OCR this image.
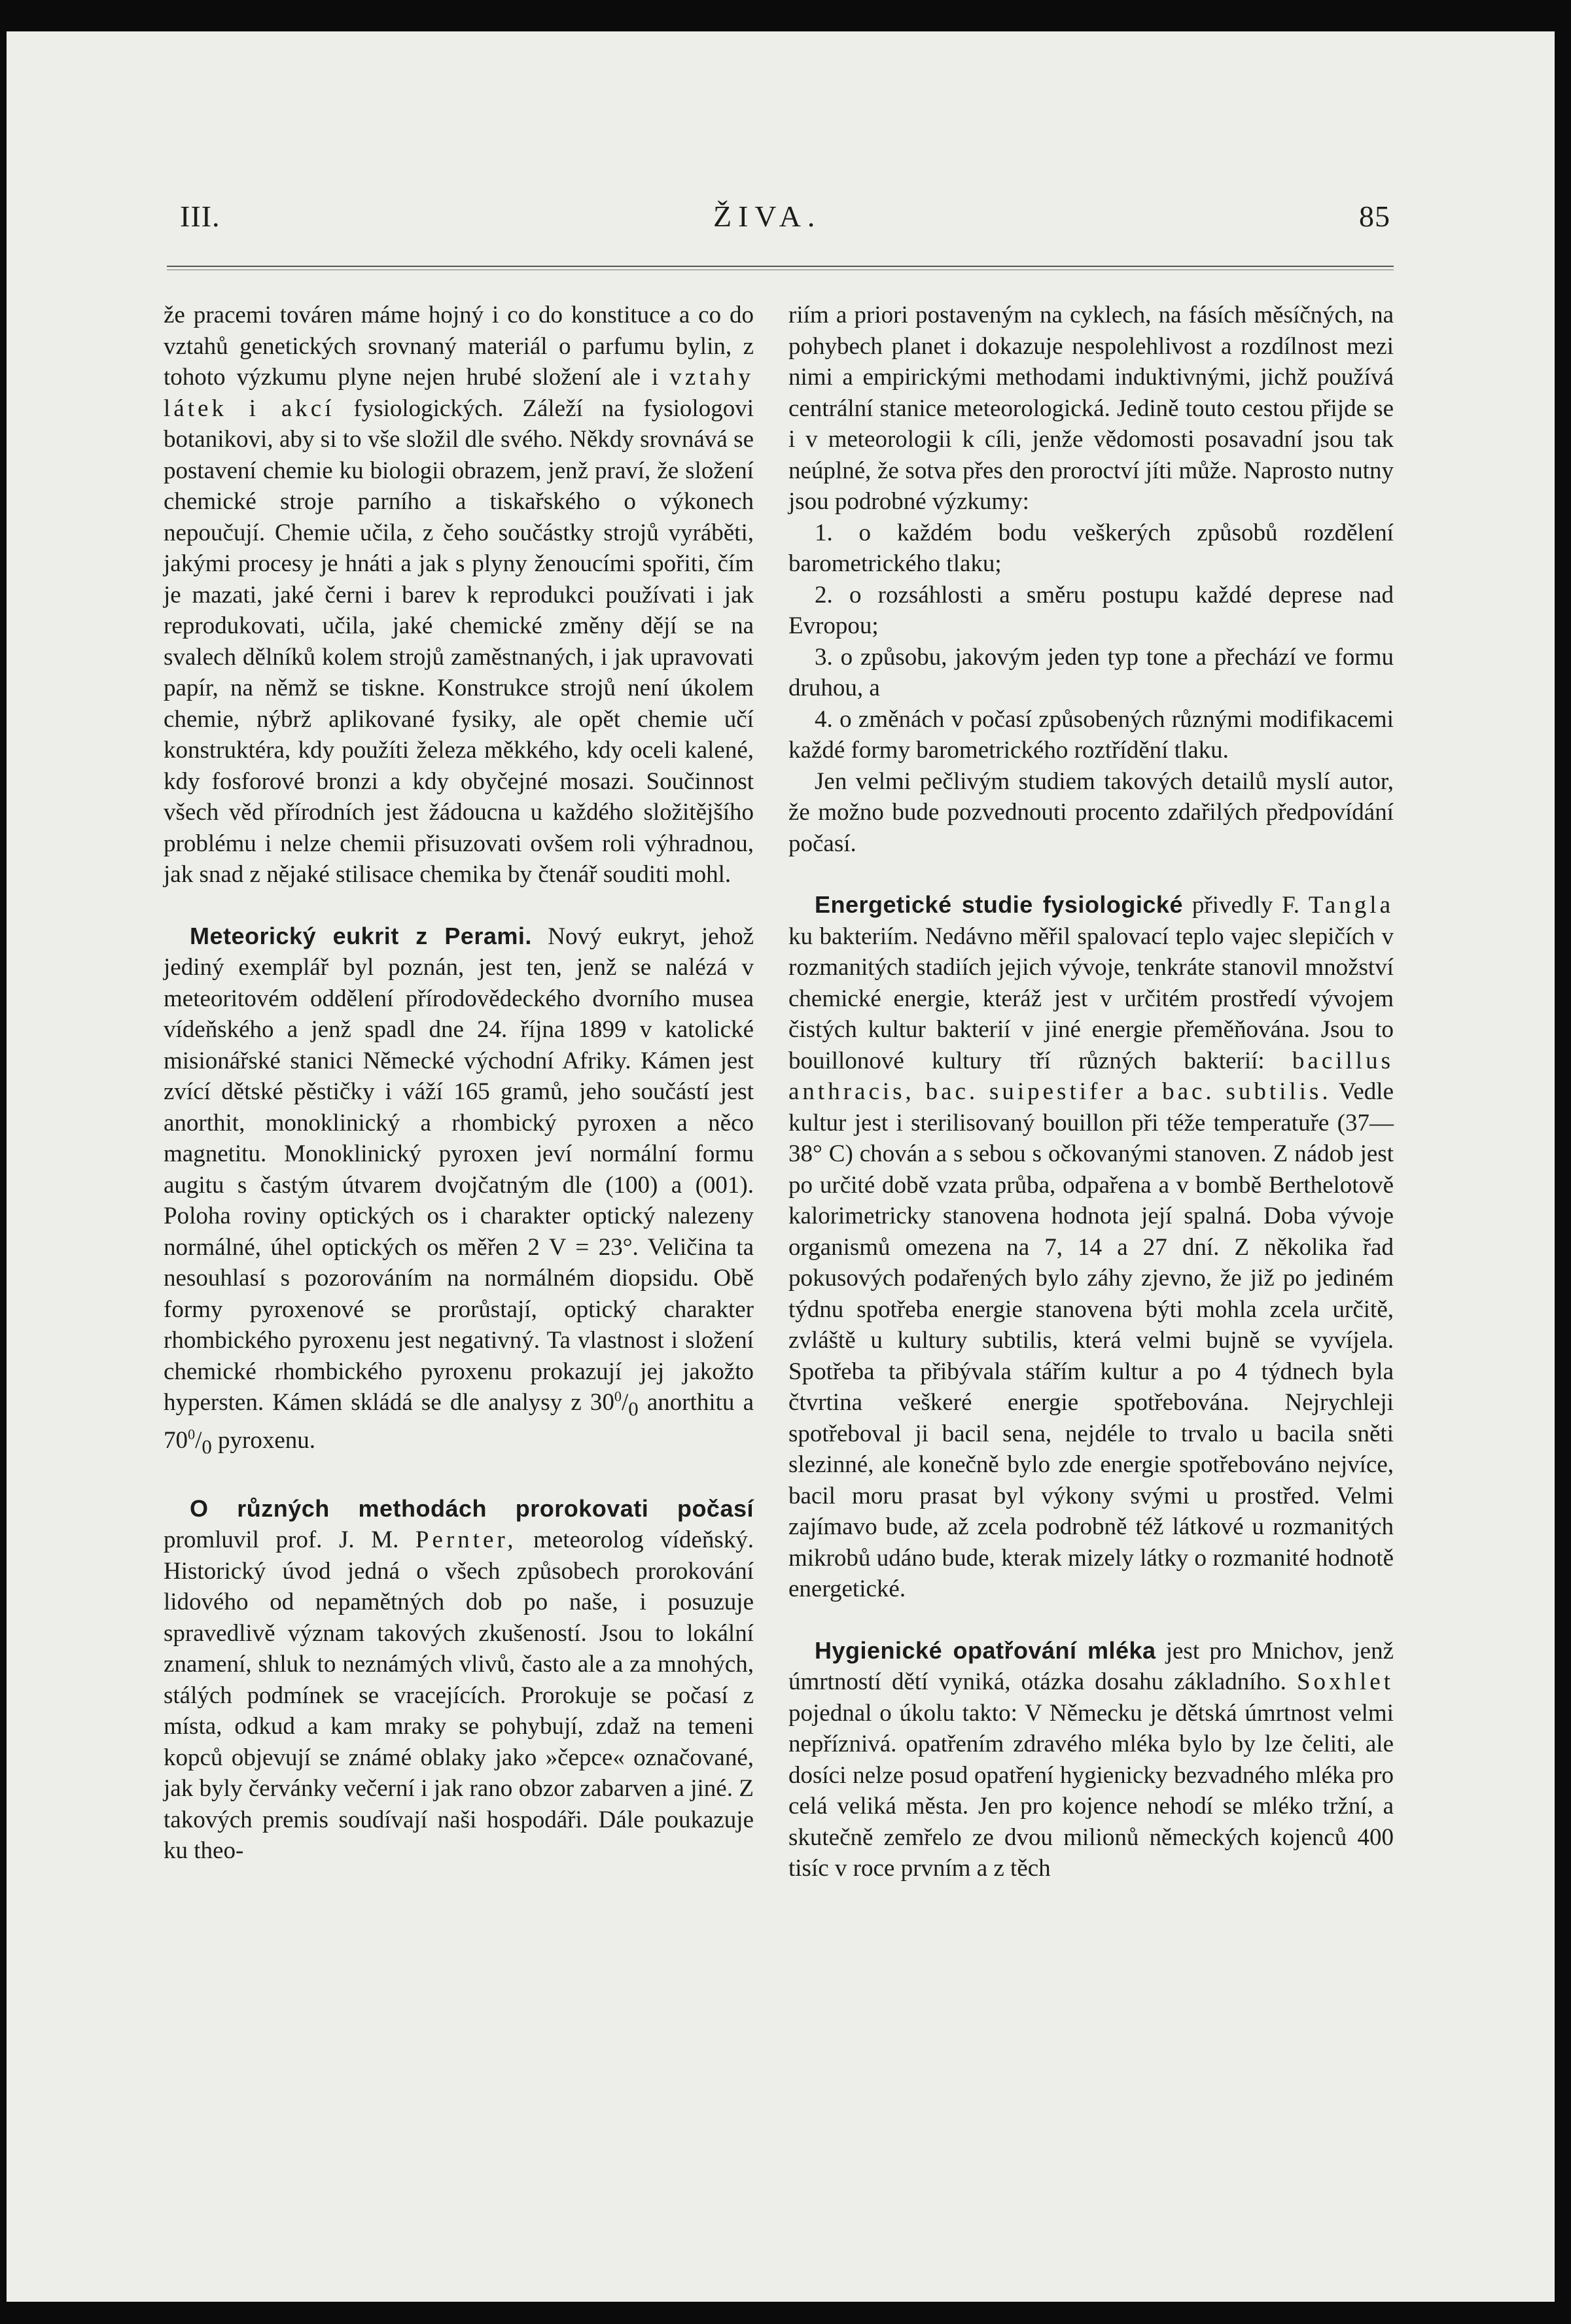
III.	ŽIVA.	85

že pracemi továren máme hojný i co do konstituce a co do vztahů genetických srovnaný materiál o parfumu bylin, z tohoto výzkumu plyne nejen hrubé složení ale i vztahy látek i akcí fysiologických. Záleží na fysiologovi botanikovi, aby si to vše složil dle svého. Někdy srovnává se postavení chemie ku biologii obrazem, jenž praví, že složení chemické stroje parního a tiskařského o výkonech nepoučují. Chemie učila, z čeho součástky strojů vyráběti, jakými procesy je hnáti a jak s plyny ženoucími spořiti, čím je mazati, jaké černi i barev k reprodukci používati i jak reprodukovati, učila, jaké chemické změny dějí se na svalech dělníků kolem strojů zaměstnaných, i jak upravovati papír, na němž se tiskne. Konstrukce strojů není úkolem chemie, nýbrž aplikované fysiky, ale opět chemie učí konstruktéra, kdy použíti železa měkkého, kdy oceli kalené, kdy fosforové bronzi a kdy obyčejné mosazi. Součinnost všech věd přírodních jest žádoucna u každého složitějšího problému i nelze chemii přisuzovati ovšem roli výhradnou, jak snad z nějaké stilisace chemika by čtenář souditi mohl.

Meteorický eukrit z Perami. Nový eukryt, jehož jediný exemplář byl poznán, jest ten, jenž se nalézá v meteoritovém oddělení přírodovědeckého dvorního musea vídeňského a jenž spadl dne 24. října 1899 v katolické misionářské stanici Německé východní Afriky. Kámen jest zvící dětské pěstičky i váží 165 gramů, jeho součástí jest anorthit, monoklinický a rhombický pyroxen a něco magnetitu. Monoklinický pyroxen jeví normální formu augitu s častým útvarem dvojčatným dle (100) a (001). Poloha roviny optických os i charakter optický nalezeny normálné, úhel optických os měřen 2 V = 23°. Veličina ta nesouhlasí s pozorováním na normálném diopsidu. Obě formy pyroxenové se prorůstají, optický charakter rhombického pyroxenu jest negativný. Ta vlastnost i složení chemické rhombického pyroxenu prokazují jej jakožto hypersten. Kámen skládá se dle analysy z $30^0/_0$ anorthitu a $70^0/_0$ pyroxenu.

O různých methodách prorokovati počasí promluvil prof. J. M. Pernter, meteorolog vídeňský. Historický úvod jedná o všech způsobech prorokování lidového od nepamětných dob po naše, i posuzuje spravedlivě význam takových zkušeností. Jsou to lokální znamení, shluk to neznámých vlivů, často ale a za mnohých, stálých podmínek se vracejících. Prorokuje se počasí z místa, odkud a kam mraky se pohybují, zdaž na temeni kopců objevují se známé oblaky jako »čepce« označované, jak byly červánky večerní i jak rano obzor zabarven a jiné. Z takových premis soudívají naši hospodáři. Dále poukazuje ku theo-

riím a priori postaveným na cyklech, na fásích měsíčných, na pohybech planet i dokazuje nespolehlivost a rozdílnost mezi nimi a empirickými methodami induktivnými, jichž používá centrální stanice meteorologická. Jedině touto cestou přijde se i v meteorologii k cíli, jenže vědomosti posavadní jsou tak neúplné, že sotva přes den proroctví jíti může. Naprosto nutny jsou podrobné výzkumy:

1. o každém bodu veškerých způsobů rozdělení barometrického tlaku;

2. o rozsáhlosti a směru postupu každé deprese nad Evropou;

3. o způsobu, jakovým jeden typ tone a přechází ve formu druhou, a

4. o změnách v počasí způsobených různými modifikacemi každé formy barometrického roztřídění tlaku.

Jen velmi pečlivým studiem takových detailů myslí autor, že možno bude pozvednouti procento zdařilých předpovídání počasí.

Energetické studie fysiologické přivedly F. Tangla ku bakteriím. Nedávno měřil spalovací teplo vajec slepičích v rozmanitých stadiích jejich vývoje, tenkráte stanovil množství chemické energie, kteráž jest v určitém prostředí vývojem čistých kultur bakterií v jiné energie přeměňována. Jsou to bouillonové kultury tří různých bakterií: bacillus anthracis, bac. suipestifer a bac. subtilis. Vedle kultur jest i sterilisovaný bouillon při téže temperatuře (37—38° C) chován a s sebou s očkovanými stanoven. Z nádob jest po určité době vzata průba, odpařena a v bombě Berthelotově kalorimetricky stanovena hodnota její spalná. Doba vývoje organismů omezena na 7, 14 a 27 dní. Z několika řad pokusových podařených bylo záhy zjevno, že již po jediném týdnu spotřeba energie stanovena býti mohla zcela určitě, zvláště u kultury subtilis, která velmi bujně se vyvíjela. Spotřeba ta přibývala stářím kultur a po 4 týdnech byla čtvrtina veškeré energie spotřebována. Nejrychleji spotřeboval ji bacil sena, nejdéle to trvalo u bacila sněti slezinné, ale konečně bylo zde energie spotřebováno nejvíce, bacil moru prasat byl výkony svými u prostřed. Velmi zajímavo bude, až zcela podrobně též látkové u rozmanitých mikrobů udáno bude, kterak mizely látky o rozmanité hodnotě energetické.

Hygienické opatřování mléka jest pro Mnichov, jenž úmrtností dětí vyniká, otázka dosahu základního. Soxhlet pojednal o úkolu takto: V Německu je dětská úmrtnost velmi nepříznivá. opatřením zdravého mléka bylo by lze čeliti, ale dosíci nelze posud opatření hygienicky bezvadného mléka pro celá veliká města. Jen pro kojence nehodí se mléko tržní, a skutečně zemřelo ze dvou milionů německých kojenců 400 tisíc v roce prvním a z těch
